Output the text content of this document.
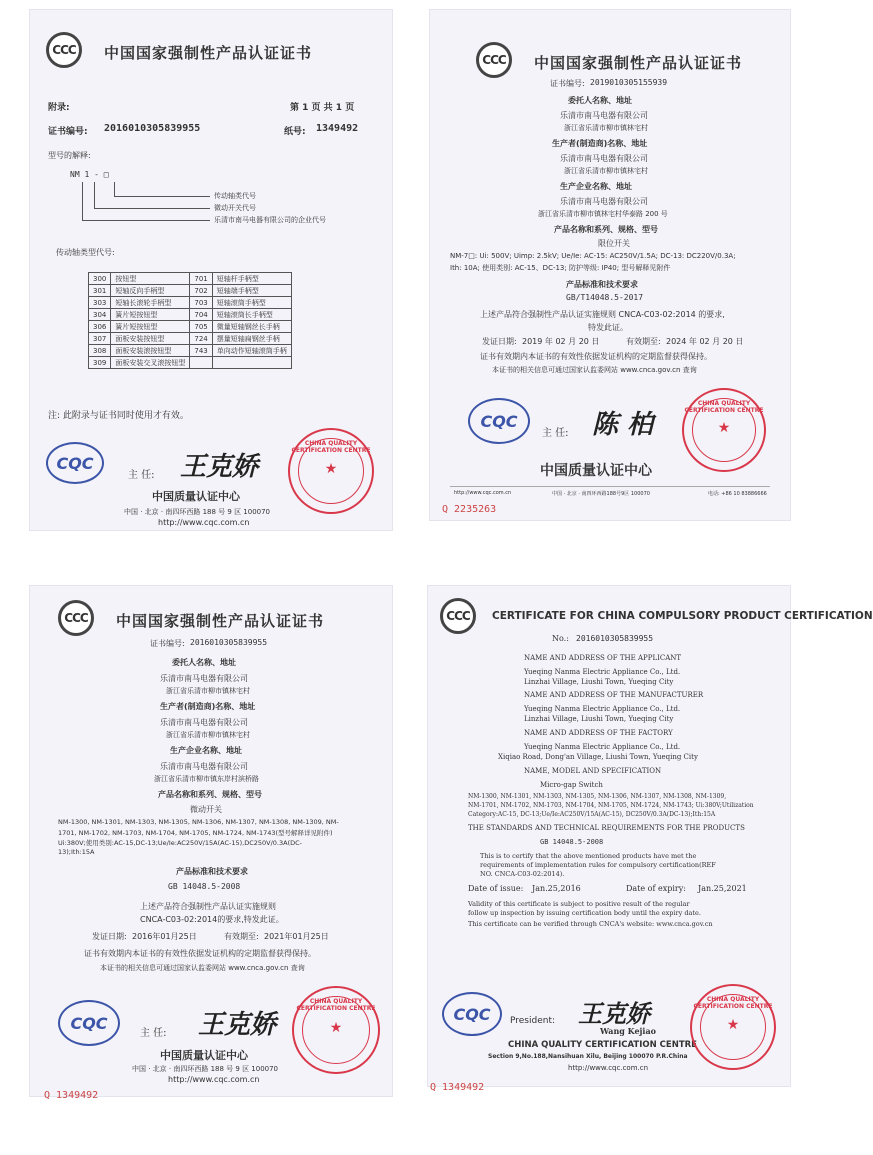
CCC	中国国家强制性产品认证证书
附录:	第 1 页 共 1 页
证书编号: 2016010305839955	纸号: 1349492
型号的解释:
NM 1 - □
传动轴类代号
微动开关代号
乐清市南马电器有限公司的企业代号
传动轴类型代号:
300	按钮型	701	短轴杆手柄型
301	短轴反向手柄型	702	短轴端手柄型
303	短轴长滚轮手柄型	703	短轴滚筒手柄型
304	簧片短按钮型	704	短轴滚筒长手柄型
306	簧片短按钮型	705	微量短轴钢丝长手柄
307	面板安装按钮型	724	摆量短轴扁钢丝手柄
308	面板安装滚按钮型	743	单向动作短轴滚筒手柄
309	面板安装交叉滚按钮型		
注: 此附录与证书同时使用才有效。
CQC
主 任: 王克娇
中国质量认证中心
中国 · 北京 · 南四环西路 188 号 9 区 100070
http://www.cqc.com.cn
CHINA QUALITY CERTIFICATION CENTRE
★
CCC	中国国家强制性产品认证证书
证书编号: 2019010305155939
委托人名称、地址
乐清市南马电器有限公司
浙江省乐清市柳市镇林宅村
生产者(制造商)名称、地址
乐清市南马电器有限公司
浙江省乐清市柳市镇林宅村
生产企业名称、地址
乐清市南马电器有限公司
浙江省乐清市柳市镇林宅村华泰路 200 号
产品名称和系列、规格、型号
限位开关
NM-7□: Ui: 500V; Uimp: 2.5kV; Ue/Ie: AC-15: AC250V/1.5A; DC-13: DC220V/0.3A;
Ith: 10A; 使用类别: AC-15、DC-13; 防护等级: IP40; 型号解释见附件
产品标准和技术要求
GB/T14048.5-2017
上述产品符合强制性产品认证实施规则 CNCA-C03-02:2014 的要求,
特发此证。
发证日期: 2019 年 02 月 20 日	有效期至: 2024 年 02 月 20 日
证书有效期内本证书的有效性依据发证机构的定期监督获得保持。
本证书的相关信息可通过国家认监委网站 www.cnca.gov.cn 查询
CQC
主 任: 陈 柏
中国质量认证中心
http://www.cqc.com.cn	中国 · 北京 · 南四环西路188号9区 100070	电话: +86 10 83886666
CHINA QUALITY CERTIFICATION CENTRE
★
Q 2235263
CCC	中国国家强制性产品认证证书
证书编号: 2016010305839955
委托人名称、地址
乐清市南马电器有限公司
浙江省乐清市柳市镇林宅村
生产者(制造商)名称、地址
乐清市南马电器有限公司
浙江省乐清市柳市镇林宅村
生产企业名称、地址
乐清市南马电器有限公司
浙江省乐清市柳市镇东岸村滨桥路
产品名称和系列、规格、型号
微动开关
NM-1300, NM-1301, NM-1303, NM-1305, NM-1306, NM-1307, NM-1308, NM-1309, NM-
1701, NM-1702, NM-1703, NM-1704, NM-1705, NM-1724, NM-1743(型号解释详见附件)
Ui:380V;使用类别:AC-15,DC-13;Ue/Ie:AC250V/15A(AC-15),DC250V/0.3A(DC-
13);Ith:15A
产品标准和技术要求
GB 14048.5-2008
上述产品符合强制性产品认证实施规则
CNCA-C03-02:2014的要求,特发此证。
发证日期: 2016年01月25日	有效期至: 2021年01月25日
证书有效期内本证书的有效性依据发证机构的定期监督获得保持。
本证书的相关信息可通过国家认监委网站 www.cnca.gov.cn 查询
CQC
主 任: 王克娇
中国质量认证中心
中国 · 北京 · 南四环西路 188 号 9 区 100070
http://www.cqc.com.cn
CHINA QUALITY CERTIFICATION CENTRE
★
Q 1349492
CCC	CERTIFICATE FOR CHINA COMPULSORY PRODUCT CERTIFICATION
No.: 2016010305839955
NAME AND ADDRESS OF THE APPLICANT
Yueqing Nanma Electric Appliance Co., Ltd.
Linzhai Village, Liushi Town, Yueqing City
NAME AND ADDRESS OF THE MANUFACTURER
Yueqing Nanma Electric Appliance Co., Ltd.
Linzhai Village, Liushi Town, Yueqing City
NAME AND ADDRESS OF THE FACTORY
Yueqing Nanma Electric Appliance Co., Ltd.
Xiqiao Road, Dong'an Village, Liushi Town, Yueqing City
NAME, MODEL AND SPECIFICATION
Micro-gap Switch
NM-1300, NM-1301, NM-1303, NM-1305, NM-1306, NM-1307, NM-1308, NM-1309,
NM-1701, NM-1702, NM-1703, NM-1704, NM-1705, NM-1724, NM-1743; Ui:380V;Utilization
Category:AC-15, DC-13;Ue/Ie:AC250V/15A(AC-15), DC250V/0.3A(DC-13);Ith:15A
THE STANDARDS AND TECHNICAL REQUIREMENTS FOR THE PRODUCTS
GB 14048.5-2008
This is to certify that the above mentioned products have met the
requirements of implementation rules for compulsory certification(REF
NO. CNCA-C03-02:2014).
Date of issue: Jan.25,2016	Date of expiry: Jan.25,2021
Validity of this certificate is subject to positive result of the regular
follow up inspection by issuing certification body until the expiry date.
This certificate can be verified through CNCA's website: www.cnca.gov.cn
CQC	President: 王克娇
Wang Kejiao
CHINA QUALITY CERTIFICATION CENTRE
Section 9,No.188,Nansihuan Xilu, Beijing 100070 P.R.China
http://www.cqc.com.cn
CHINA QUALITY CERTIFICATION CENTRE
★
Q 1349492
